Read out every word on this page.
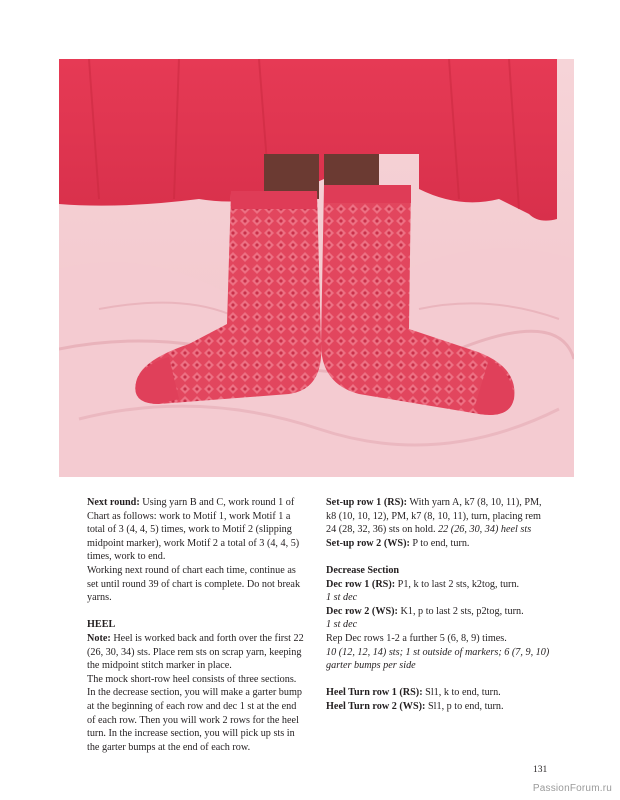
Next round: Using yarn B and C, work round 1 of Chart as follows: work to Motif 1, work Motif 1 a total of 3 (4, 4, 5) times, work to Motif 2 (slipping midpoint marker), work Motif 2 a total of 3 (4, 4, 5) times, work to end.

Working next round of chart each time, continue as set until round 39 of chart is complete. Do not break yarns.

HEEL

Note: Heel is worked back and forth over the first 22 (26, 30, 34) sts. Place rem sts on scrap yarn, keeping the midpoint stitch marker in place.

The mock short-row heel consists of three sections. In the decrease section, you will make a garter bump at the beginning of each row and dec 1 st at the end of each row. Then you will work 2 rows for the heel turn. In the increase section, you will pick up sts in the garter bumps at the end of each row.

Set-up row 1 (RS): With yarn A, k7 (8, 10, 11), PM, k8 (10, 10, 12), PM, k7 (8, 10, 11), turn, placing rem 24 (28, 32, 36) sts on hold. 22 (26, 30, 34) heel sts

Set-up row 2 (WS): P to end, turn.

Decrease Section

Dec row 1 (RS): P1, k to last 2 sts, k2tog, turn.

1 st dec

Dec row 2 (WS): K1, p to last 2 sts, p2tog, turn.

1 st dec

Rep Dec rows 1-2 a further 5 (6, 8, 9) times.

10 (12, 12, 14) sts; 1 st outside of markers; 6 (7, 9, 10) garter bumps per side

Heel Turn row 1 (RS): Sl1, k to end, turn.

Heel Turn row 2 (WS): Sl1, p to end, turn.

131
PassionForum.ru
